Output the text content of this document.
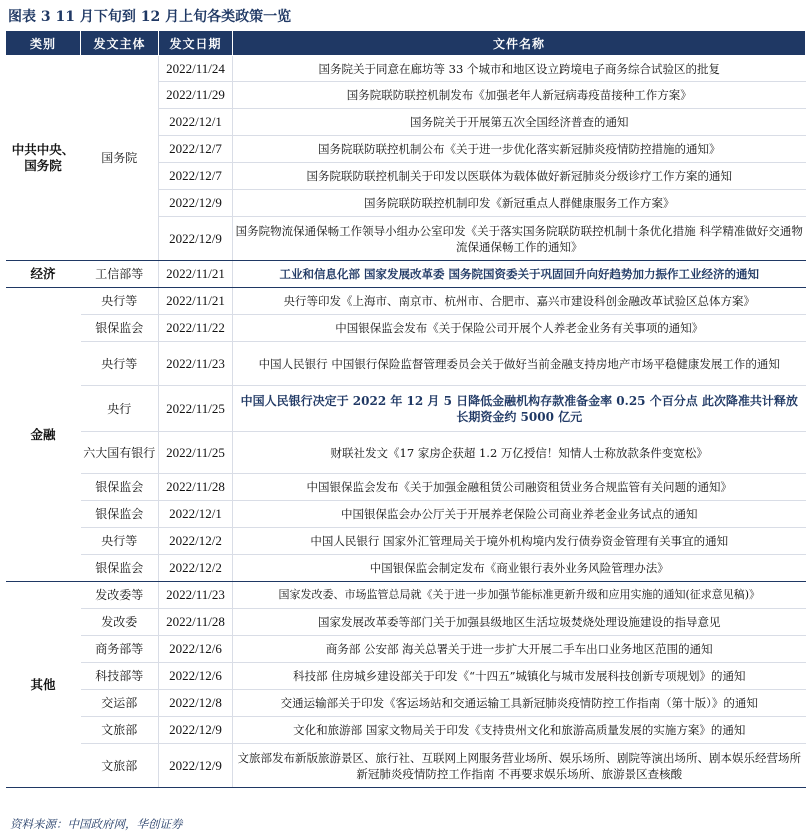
图表 3 11 月下旬到 12 月上旬各类政策一览
类别	发文主体	发文日期	文件名称
中共中央、国务院	国务院	2022/11/24	国务院关于同意在廊坊等 33 个城市和地区设立跨境电子商务综合试验区的批复
		2022/11/29	国务院联防联控机制发布《加强老年人新冠病毒疫苗接种工作方案》
		2022/12/1	国务院关于开展第五次全国经济普查的通知
		2022/12/7	国务院联防联控机制公布《关于进一步优化落实新冠肺炎疫情防控措施的通知》
		2022/12/7	国务院联防联控机制关于印发以医联体为载体做好新冠肺炎分级诊疗工作方案的通知
		2022/12/9	国务院联防联控机制印发《新冠重点人群健康服务工作方案》
		2022/12/9	国务院物流保通保畅工作领导小组办公室印发《关于落实国务院联防联控机制十条优化措施 科学精准做好交通物流保通保畅工作的通知》
经济	工信部等	2022/11/21	工业和信息化部 国家发展改革委 国务院国资委关于巩固回升向好趋势加力振作工业经济的通知
金融	央行等	2022/11/21	央行等印发《上海市、南京市、杭州市、合肥市、嘉兴市建设科创金融改革试验区总体方案》
	银保监会	2022/11/22	中国银保监会发布《关于保险公司开展个人养老金业务有关事项的通知》
	央行等	2022/11/23	中国人民银行 中国银行保险监督管理委员会关于做好当前金融支持房地产市场平稳健康发展工作的通知
	央行	2022/11/25	中国人民银行决定于 2022 年 12 月 5 日降低金融机构存款准备金率 0.25 个百分点 此次降准共计释放长期资金约 5000 亿元
	六大国有银行	2022/11/25	财联社发文《17 家房企获超 1.2 万亿授信！知情人士称放款条件变宽松》
	银保监会	2022/11/28	中国银保监会发布《关于加强金融租赁公司融资租赁业务合规监管有关问题的通知》
	银保监会	2022/12/1	中国银保监会办公厅关于开展养老保险公司商业养老金业务试点的通知
	央行等	2022/12/2	中国人民银行 国家外汇管理局关于境外机构境内发行债券资金管理有关事宜的通知
	银保监会	2022/12/2	中国银保监会制定发布《商业银行表外业务风险管理办法》
其他	发改委等	2022/11/23	国家发改委、市场监管总局就《关于进一步加强节能标准更新升级和应用实施的通知(征求意见稿)》
	发改委	2022/11/28	国家发展改革委等部门关于加强县级地区生活垃圾焚烧处理设施建设的指导意见
	商务部等	2022/12/6	商务部 公安部 海关总署关于进一步扩大开展二手车出口业务地区范围的通知
	科技部等	2022/12/6	科技部 住房城乡建设部关于印发《“十四五”城镇化与城市发展科技创新专项规划》的通知
	交运部	2022/12/8	交通运输部关于印发《客运场站和交通运输工具新冠肺炎疫情防控工作指南（第十版）》的通知
	文旅部	2022/12/9	文化和旅游部 国家文物局关于印发《支持贵州文化和旅游高质量发展的实施方案》的通知
	文旅部	2022/12/9	文旅部发布新版旅游景区、旅行社、互联网上网服务营业场所、娱乐场所、剧院等演出场所、剧本娱乐经营场所新冠肺炎疫情防控工作指南 不再要求娱乐场所、旅游景区查核酸
资料来源：中国政府网，华创证券
